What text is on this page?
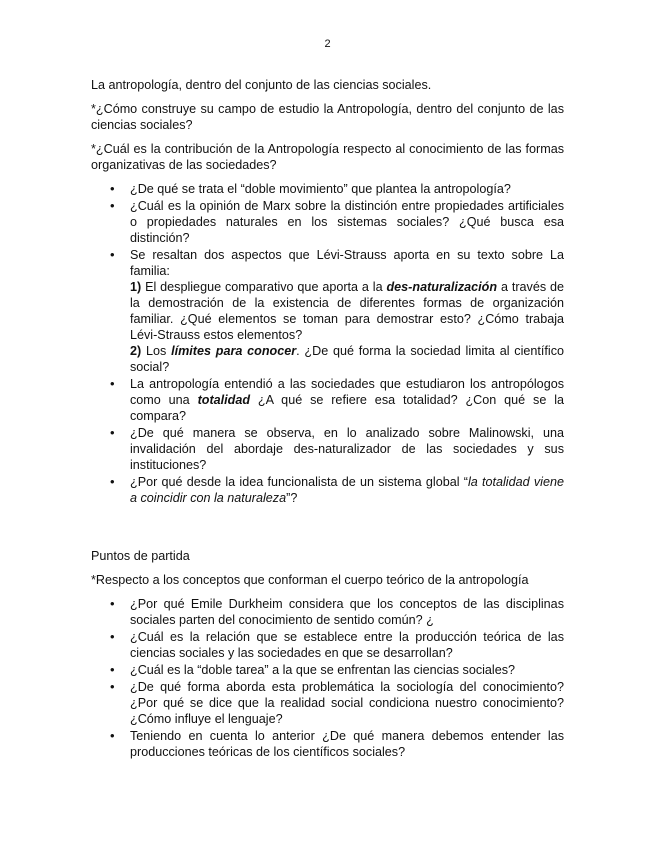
2

La antropología, dentro del conjunto de las ciencias sociales.

*¿Cómo construye su campo de estudio la Antropología, dentro del conjunto de las ciencias sociales?

*¿Cuál es la contribución de la Antropología respecto al conocimiento de las formas organizativas de las sociedades?

• ¿De qué se trata el “doble movimiento” que plantea la antropología?
• ¿Cuál es la opinión de Marx sobre la distinción entre propiedades artificiales o propiedades naturales en los sistemas sociales? ¿Qué busca esa distinción?
• Se resaltan dos aspectos que Lévi-Strauss aporta en su texto sobre La familia:
1) El despliegue comparativo que aporta a la des-naturalización a través de la demostración de la existencia de diferentes formas de organización familiar. ¿Qué elementos se toman para demostrar esto? ¿Cómo trabaja Lévi-Strauss estos elementos?
2) Los límites para conocer. ¿De qué forma la sociedad limita al científico social?
• La antropología entendió a las sociedades que estudiaron los antropólogos como una totalidad ¿A qué se refiere esa totalidad? ¿Con qué se la compara?
• ¿De qué manera se observa, en lo analizado sobre Malinowski, una invalidación del abordaje des-naturalizador de las sociedades y sus instituciones?
• ¿Por qué desde la idea funcionalista de un sistema global “la totalidad viene a coincidir con la naturaleza”?

Puntos de partida

*Respecto a los conceptos que conforman el cuerpo teórico de la antropología

• ¿Por qué Emile Durkheim considera que los conceptos de las disciplinas sociales parten del conocimiento de sentido común? ¿
• ¿Cuál es la relación que se establece entre la producción teórica de las ciencias sociales y las sociedades en que se desarrollan?
• ¿Cuál es la “doble tarea” a la que se enfrentan las ciencias sociales?
• ¿De qué forma aborda esta problemática la sociología del conocimiento? ¿Por qué se dice que la realidad social condiciona nuestro conocimiento? ¿Cómo influye el lenguaje?
• Teniendo en cuenta lo anterior ¿De qué manera debemos entender las producciones teóricas de los científicos sociales?
